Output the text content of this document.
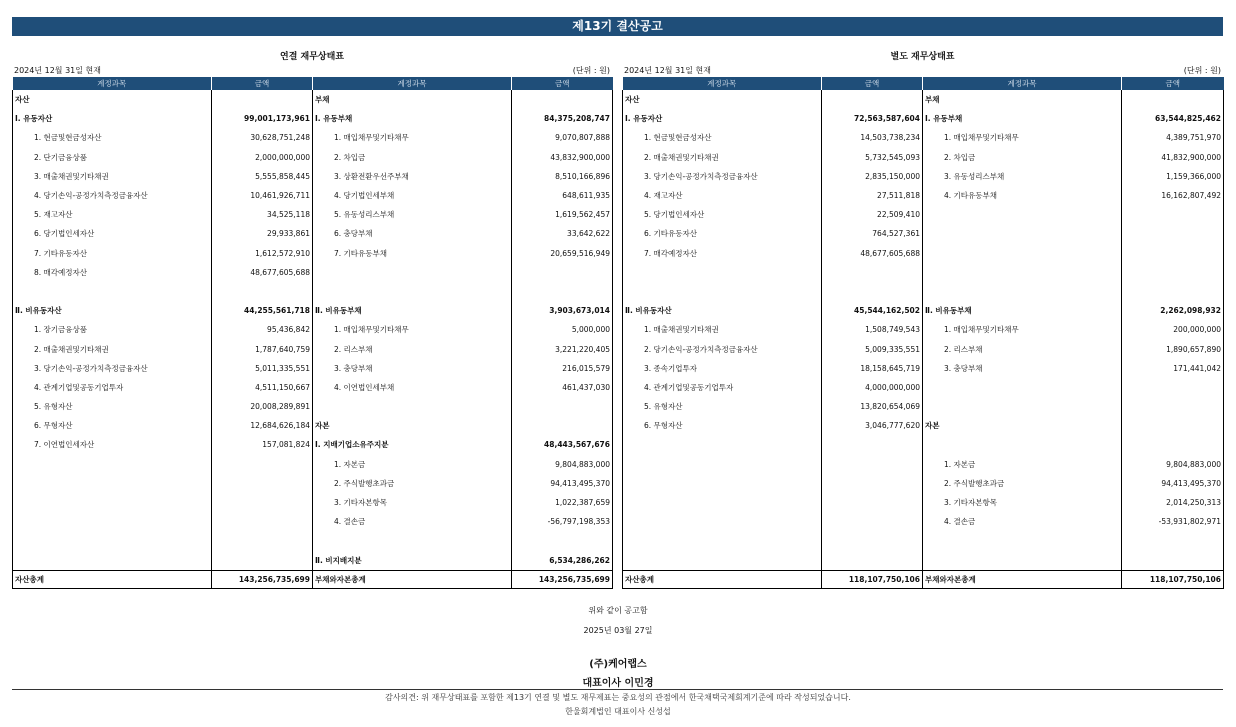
제13기 결산공고
연결 재무상태표
2024년 12월 31일 현재	(단위 : 원)
계정과목	금액	계정과목	금액
자산		부채	
Ⅰ. 유동자산	99,001,173,961	Ⅰ. 유동부채	84,375,208,747
1. 현금및현금성자산	30,628,751,248	1. 매입채무및기타채무	9,070,807,888
2. 단기금융상품	2,000,000,000	2. 차입금	43,832,900,000
3. 매출채권및기타채권	5,555,858,445	3. 상환전환우선주부채	8,510,166,896
4. 당기손익-공정가치측정금융자산	10,461,926,711	4. 당기법인세부채	648,611,935
5. 재고자산	34,525,118	5. 유동성리스부채	1,619,562,457
6. 당기법인세자산	29,933,861	6. 충당부채	33,642,622
7. 기타유동자산	1,612,572,910	7. 기타유동부채	20,659,516,949
8. 매각예정자산	48,677,605,688		

Ⅱ. 비유동자산	44,255,561,718	Ⅱ. 비유동부채	3,903,673,014
1. 장기금융상품	95,436,842	1. 매입채무및기타채무	5,000,000
2. 매출채권및기타채권	1,787,640,759	2. 리스부채	3,221,220,405
3. 당기손익-공정가치측정금융자산	5,011,335,551	3. 충당부채	216,015,579
4. 관계기업및공동기업투자	4,511,150,667	4. 이연법인세부채	461,437,030
5. 유형자산	20,008,289,891		
6. 무형자산	12,684,626,184	자본	
7. 이연법인세자산	157,081,824	Ⅰ. 지배기업소유주지분	48,443,567,676
		1. 자본금	9,804,883,000
		2. 주식발행초과금	94,413,495,370
		3. 기타자본항목	1,022,387,659
		4. 결손금	-56,797,198,353

		Ⅱ. 비지배지분	6,534,286,262
자산총계	143,256,735,699	부채와자본총계	143,256,735,699
별도 재무상태표
2024년 12월 31일 현재	(단위 : 원)
계정과목	금액	계정과목	금액
자산		부채	
Ⅰ. 유동자산	72,563,587,604	Ⅰ. 유동부채	63,544,825,462
1. 현금및현금성자산	14,503,738,234	1. 매입채무및기타채무	4,389,751,970
2. 매출채권및기타채권	5,732,545,093	2. 차입금	41,832,900,000
3. 당기손익-공정가치측정금융자산	2,835,150,000	3. 유동성리스부채	1,159,366,000
4. 재고자산	27,511,818	4. 기타유동부채	16,162,807,492
5. 당기법인세자산	22,509,410		
6. 기타유동자산	764,527,361		
7. 매각예정자산	48,677,605,688		

Ⅱ. 비유동자산	45,544,162,502	Ⅱ. 비유동부채	2,262,098,932
1. 매출채권및기타채권	1,508,749,543	1. 매입채무및기타채무	200,000,000
2. 당기손익-공정가치측정금융자산	5,009,335,551	2. 리스부채	1,890,657,890
3. 종속기업투자	18,158,645,719	3. 충당부채	171,441,042
4. 관계기업및공동기업투자	4,000,000,000		
5. 유형자산	13,820,654,069		
6. 무형자산	3,046,777,620	자본	

		1. 자본금	9,804,883,000
		2. 주식발행초과금	94,413,495,370
		3. 기타자본항목	2,014,250,313
		4. 결손금	-53,931,802,971

자산총계	118,107,750,106	부채와자본총계	118,107,750,106
위와 같이 공고함
2025년 03월 27일
(주)케어랩스
대표이사 이민경
감사의견: 위 재무상태표를 포함한 제13기 연결 및 별도 재무제표는 중요성의 관점에서 한국채택국제회계기준에 따라 작성되었습니다.
한울회계법인 대표이사 신성섭
